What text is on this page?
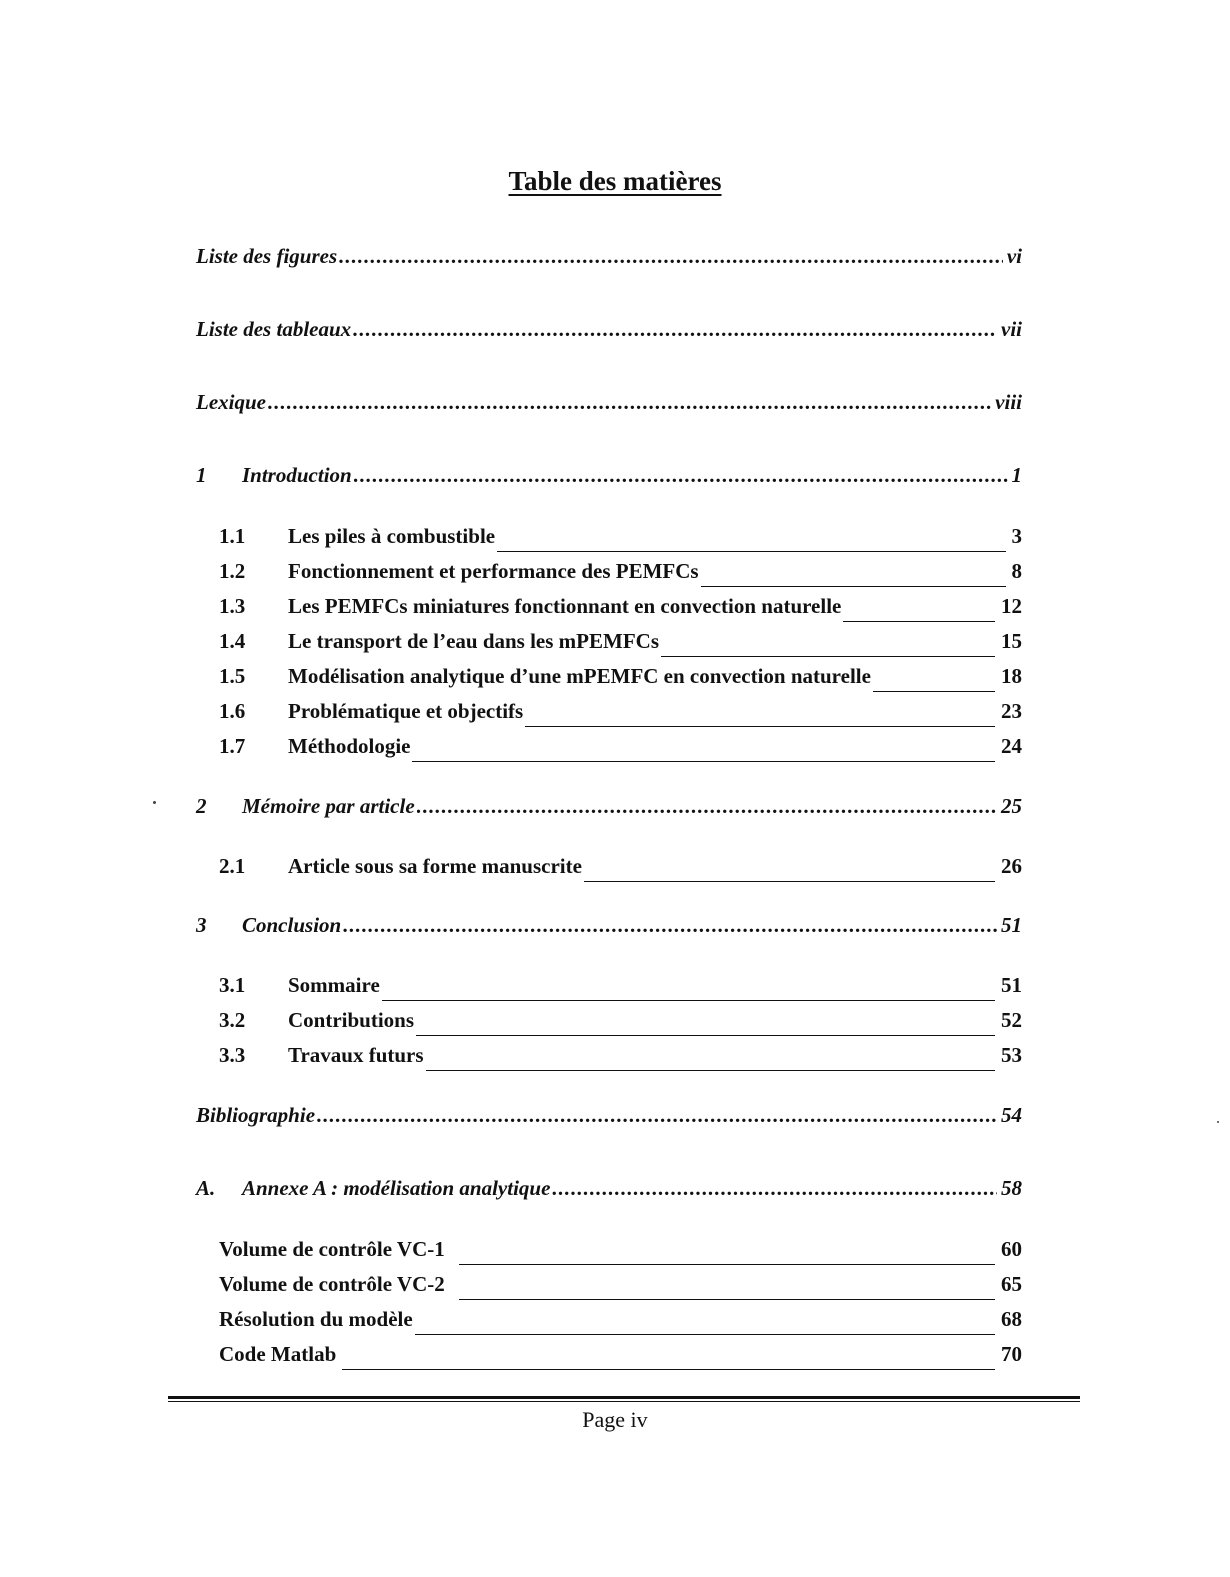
Table des matières
Liste des figures .....	vi
Liste des tableaux .....	vii
Lexique .....	viii
1	Introduction .....	1
1.1	Les piles à combustible	3
1.2	Fonctionnement et performance des PEMFCs	8
1.3	Les PEMFCs miniatures fonctionnant en convection naturelle	12
1.4	Le transport de l’eau dans les mPEMFCs	15
1.5	Modélisation analytique d’une mPEMFC en convection naturelle	18
1.6	Problématique et objectifs	23
1.7	Méthodologie	24
2	Mémoire par article .....	25
2.1	Article sous sa forme manuscrite	26
3	Conclusion .....	51
3.1	Sommaire	51
3.2	Contributions	52
3.3	Travaux futurs	53
Bibliographie .....	54
A.	Annexe A : modélisation analytique .....	58
Volume de contrôle VC-1	60
Volume de contrôle VC-2	65
Résolution du modèle	68
Code Matlab	70
Page iv
